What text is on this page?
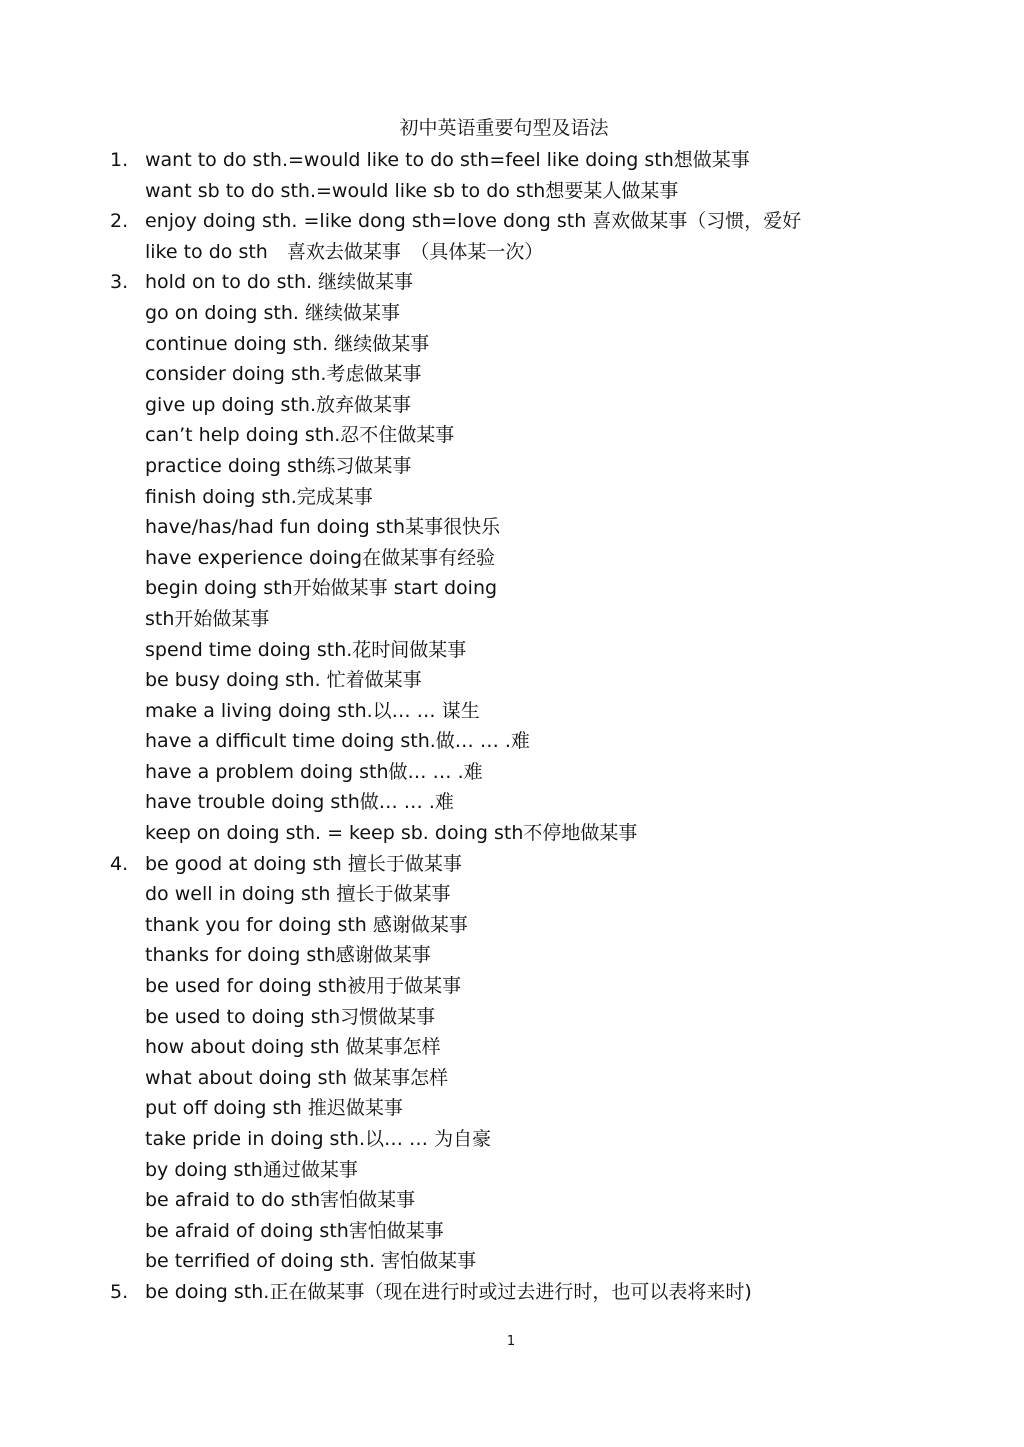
初中英语重要句型及语法
1. want to do sth.=would like to do sth=feel like doing sth想做某事
want sb to do sth.=would like sb to do sth想要某人做某事
2. enjoy doing sth. =like dong sth=love dong sth 喜欢做某事（习惯，爱好
like to do sth　喜欢去做某事　（具体某一次）
3. hold on to do sth. 继续做某事
go on doing sth. 继续做某事
continue doing sth. 继续做某事
consider doing sth.考虑做某事
give up doing sth.放弃做某事
can’t help doing sth.忍不住做某事
practice doing sth练习做某事
finish doing sth.完成某事
have/has/had fun doing sth某事很快乐
have experience doing在做某事有经验
begin doing sth开始做某事 start doing
sth开始做某事
spend time doing sth.花时间做某事
be busy doing sth. 忙着做某事
make a living doing sth.以… … 谋生
have a difficult time doing sth.做… … .难
have a problem doing sth做… … .难
have trouble doing sth做… … .难
keep on doing sth. = keep sb. doing sth不停地做某事
4. be good at doing sth 擅长于做某事
do well in doing sth 擅长于做某事
thank you for doing sth 感谢做某事
thanks for doing sth感谢做某事
be used for doing sth被用于做某事
be used to doing sth习惯做某事
how about doing sth 做某事怎样
what about doing sth 做某事怎样
put off doing sth 推迟做某事
take pride in doing sth.以… … 为自豪
by doing sth通过做某事
be afraid to do sth害怕做某事
be afraid of doing sth害怕做某事
be terrified of doing sth. 害怕做某事
5. be doing sth.正在做某事（现在进行时或过去进行时，也可以表将来时)
1
